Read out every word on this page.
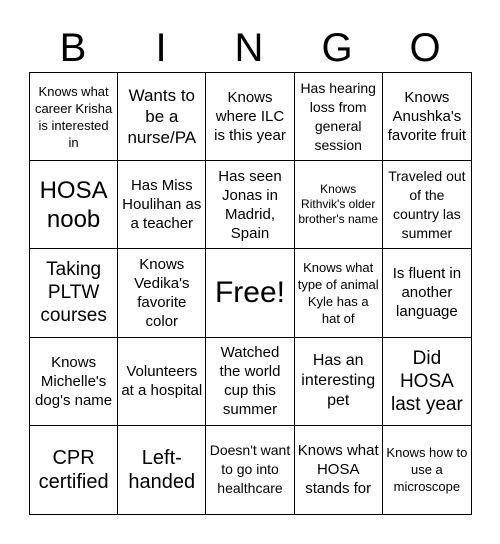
B	I	N	G	O
Knows what career Krisha is interested in
Wants to be a nurse/PA
Knows where ILC is this year
Has hearing loss from general session
Knows Anushka's favorite fruit
HOSA noob
Has Miss Houlihan as a teacher
Has seen Jonas in Madrid, Spain
Knows Rithvik's older brother's name
Traveled out of the country las summer
Taking PLTW courses
Knows Vedika's favorite color
Free!
Knows what type of animal Kyle has a hat of
Is fluent in another language
Knows Michelle's dog's name
Volunteers at a hospital
Watched the world cup this summer
Has an interesting pet
Did HOSA last year
CPR certified
Left-handed
Doesn't want to go into healthcare
Knows what HOSA stands for
Knows how to use a microscope
